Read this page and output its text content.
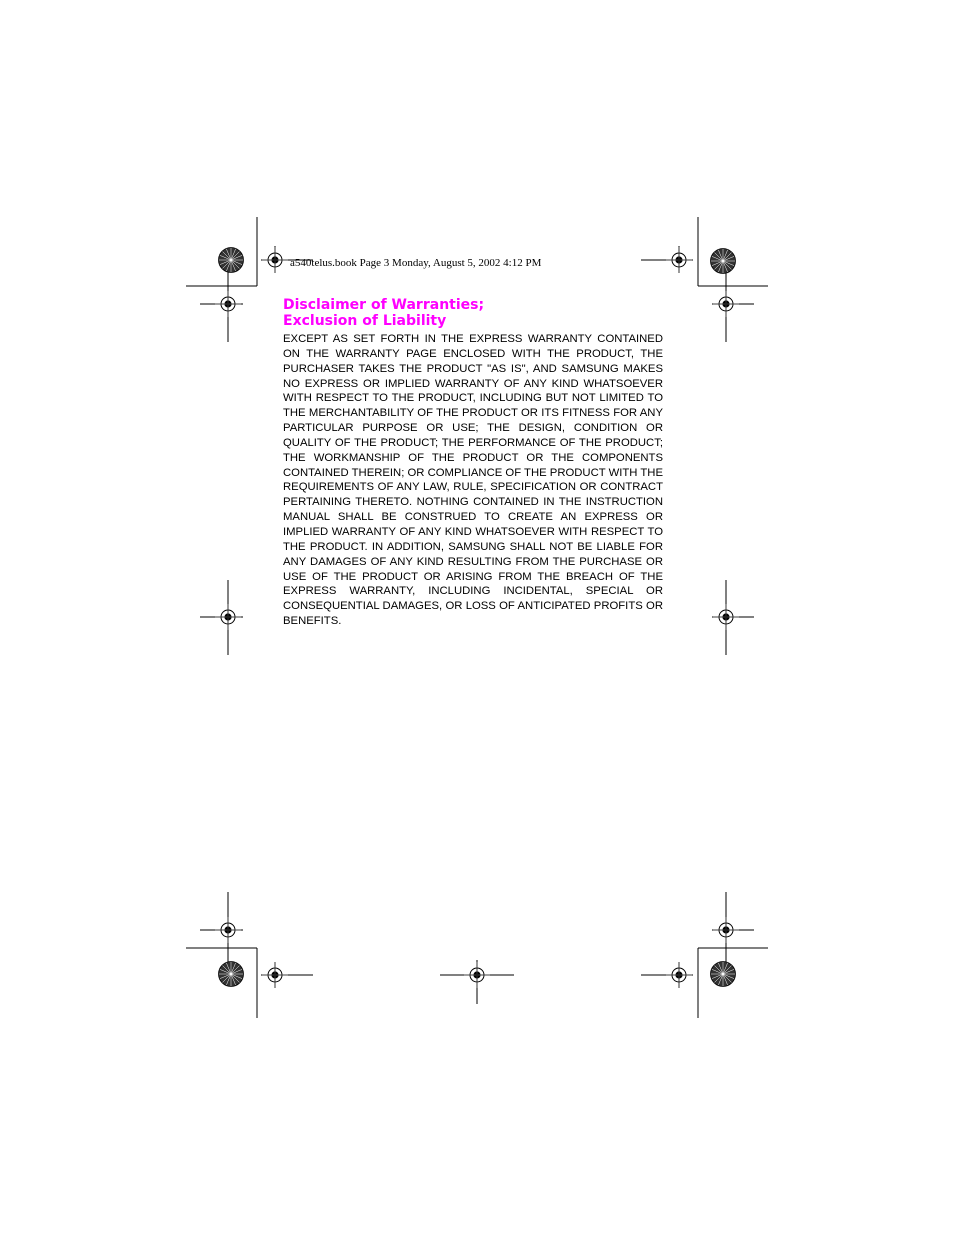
a540telus.book Page 3 Monday, August 5, 2002 4:12 PM
Disclaimer of Warranties;
Exclusion of Liability

EXCEPT AS SET FORTH IN THE EXPRESS WARRANTY CONTAINED ON THE WARRANTY PAGE ENCLOSED WITH THE PRODUCT, THE PURCHASER TAKES THE PRODUCT "AS IS", AND SAMSUNG MAKES NO EXPRESS OR IMPLIED WARRANTY OF ANY KIND WHATSOEVER WITH RESPECT TO THE PRODUCT, INCLUDING BUT NOT LIMITED TO THE MERCHANTABILITY OF THE PRODUCT OR ITS FITNESS FOR ANY PARTICULAR PURPOSE OR USE; THE DESIGN, CONDITION OR QUALITY OF THE PRODUCT; THE PERFORMANCE OF THE PRODUCT; THE WORKMANSHIP OF THE PRODUCT OR THE COMPONENTS CONTAINED THEREIN; OR COMPLIANCE OF THE PRODUCT WITH THE REQUIREMENTS OF ANY LAW, RULE, SPECIFICATION OR CONTRACT PERTAINING THERETO. NOTHING CONTAINED IN THE INSTRUCTION MANUAL SHALL BE CONSTRUED TO CREATE AN EXPRESS OR IMPLIED WARRANTY OF ANY KIND WHATSOEVER WITH RESPECT TO THE PRODUCT. IN ADDITION, SAMSUNG SHALL NOT BE LIABLE FOR ANY DAMAGES OF ANY KIND RESULTING FROM THE PURCHASE OR USE OF THE PRODUCT OR ARISING FROM THE BREACH OF THE EXPRESS WARRANTY, INCLUDING INCIDENTAL, SPECIAL OR CONSEQUENTIAL DAMAGES, OR LOSS OF ANTICIPATED PROFITS OR BENEFITS.
